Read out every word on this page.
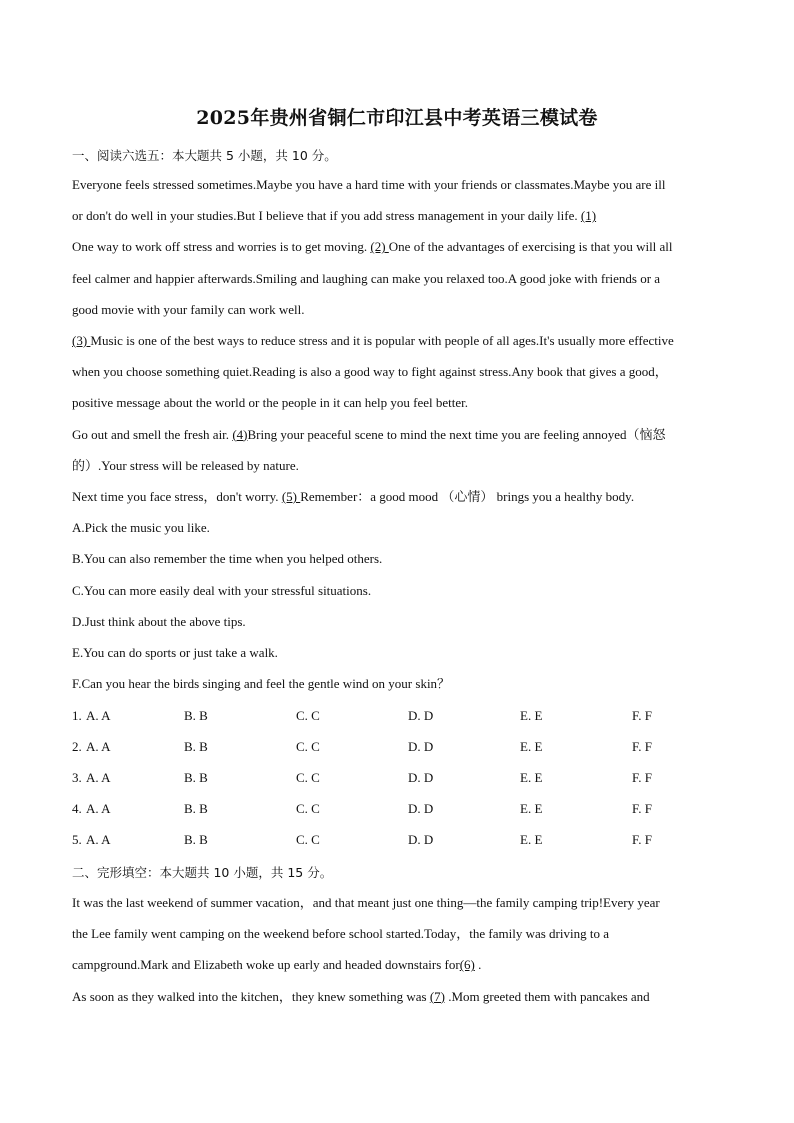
2025年贵州省铜仁市印江县中考英语三模试卷
一、阅读六选五：本大题共 5 小题，共 10 分。
Everyone feels stressed sometimes.Maybe you have a hard time with your friends or classmates.Maybe you are ill
or don't do well in your studies.But I believe that if you add stress management in your daily life. (1)
One way to work off stress and worries is to get moving. (2) One of the advantages of exercising is that you will all
feel calmer and happier afterwards.Smiling and laughing can make you relaxed too.A good joke with friends or a
good movie with your family can work well.
(3) Music is one of the best ways to reduce stress and it is popular with people of all ages.It's usually more effective
when you choose something quiet.Reading is also a good way to fight against stress.Any book that gives a good，
positive message about the world or the people in it can help you feel better.
Go out and smell the fresh air. (4)Bring your peaceful scene to mind the next time you are feeling annoyed（恼怒
的）.Your stress will be released by nature.
Next time you face stress，don't worry. (5) Remember：a good mood （心情） brings you a healthy body.
A.Pick the music you like.
B.You can also remember the time when you helped others.
C.You can more easily deal with your stressful situations.
D.Just think about the above tips.
E.You can do sports or just take a walk.
F.Can you hear the birds singing and feel the gentle wind on your skin？
1. A. A	B. B	C. C	D. D	E. E	F. F
2. A. A	B. B	C. C	D. D	E. E	F. F
3. A. A	B. B	C. C	D. D	E. E	F. F
4. A. A	B. B	C. C	D. D	E. E	F. F
5. A. A	B. B	C. C	D. D	E. E	F. F
二、完形填空：本大题共 10 小题，共 15 分。
It was the last weekend of summer vacation，and that meant just one thing—the family camping trip!Every year
the Lee family went camping on the weekend before school started.Today，the family was driving to a
campground.Mark and Elizabeth woke up early and headed downstairs for(6) .
As soon as they walked into the kitchen，they knew something was (7) .Mom greeted them with pancakes and
